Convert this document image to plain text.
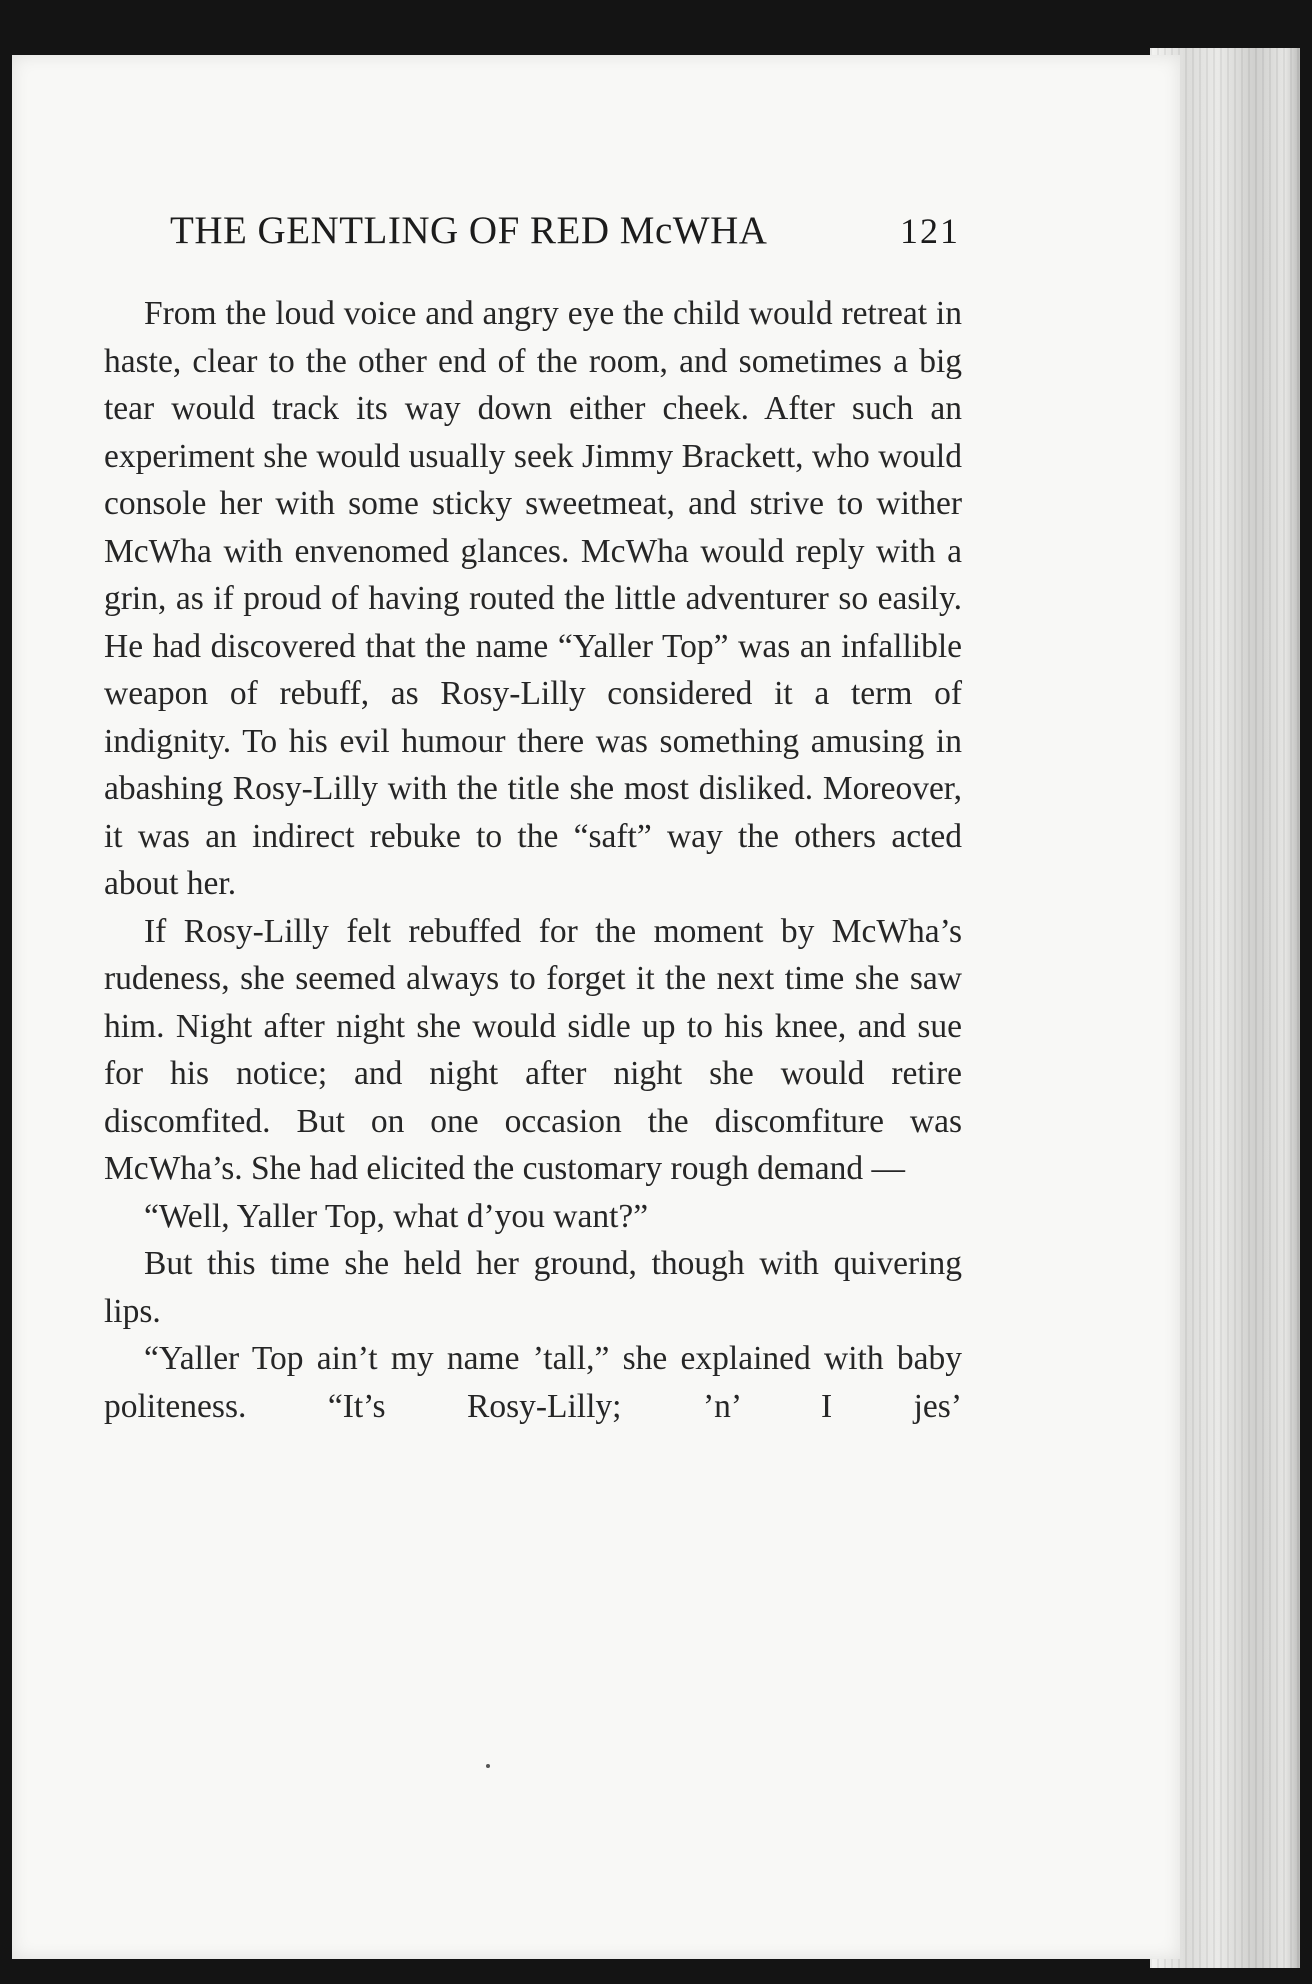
THE GENTLING OF RED McWHA	121

From the loud voice and angry eye the child would retreat in haste, clear to the other end of the room, and sometimes a big tear would track its way down either cheek. After such an experiment she would usually seek Jimmy Brackett, who would console her with some sticky sweetmeat, and strive to wither McWha with envenomed glances. McWha would reply with a grin, as if proud of having routed the little adventurer so easily. He had discovered that the name “Yaller Top” was an infallible weapon of rebuff, as Rosy-Lilly considered it a term of indignity. To his evil humour there was something amusing in abashing Rosy-Lilly with the title she most disliked. Moreover, it was an indirect rebuke to the “saft” way the others acted about her.

If Rosy-Lilly felt rebuffed for the moment by McWha’s rudeness, she seemed always to forget it the next time she saw him. Night after night she would sidle up to his knee, and sue for his notice; and night after night she would retire discomfited. But on one occasion the discomfiture was McWha’s. She had elicited the customary rough demand —

“Well, Yaller Top, what d’you want?”

But this time she held her ground, though with quivering lips.

“Yaller Top ain’t my name ’tall,” she explained with baby politeness. “It’s Rosy-Lilly; ’n’ I jes’
